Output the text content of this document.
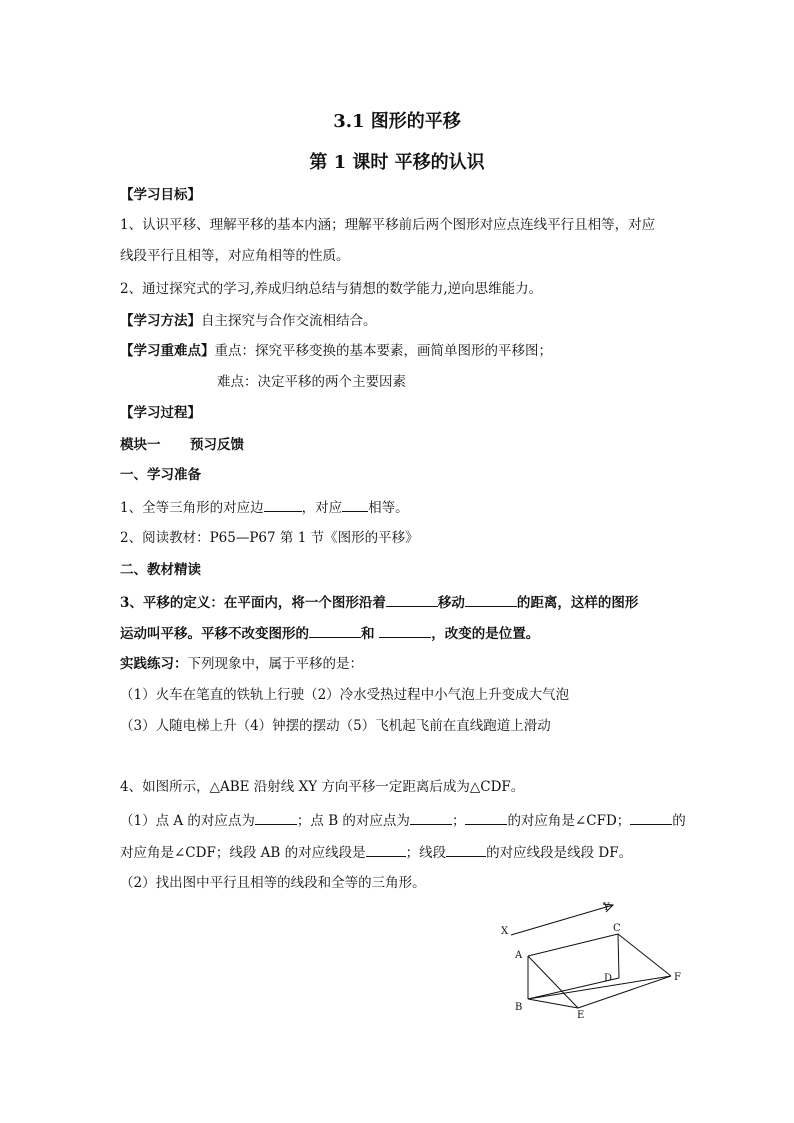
3.1 图形的平移
第 1 课时 平移的认识
【学习目标】
1、认识平移、理解平移的基本内涵；理解平移前后两个图形对应点连线平行且相等，对应
线段平行且相等，对应角相等的性质。
2、通过探究式的学习,养成归纳总结与猜想的数学能力,逆向思维能力。
【学习方法】自主探究与合作交流相结合。
【学习重难点】重点：探究平移变换的基本要素，画简单图形的平移图；
难点：决定平移的两个主要因素
【学习过程】
模块一 预习反馈
一、学习准备
1、全等三角形的对应边	，对应 相等。
2、阅读教材：P65—P67 第 1 节《图形的平移》
二、教材精读
3、平移的定义：在平面内，将一个图形沿着	移动	的距离，这样的图形
运动叫平移。平移不改变图形的	和	，改变的是位置。
实践练习：下列现象中，属于平移的是：
（1）火车在笔直的铁轨上行驶（2）冷水受热过程中小气泡上升变成大气泡
（3）人随电梯上升（4）钟摆的摆动（5）飞机起飞前在直线跑道上滑动
4、如图所示，△ABE 沿射线 XY 方向平移一定距离后成为△CDF。
（1）点 A 的对应点为	；点 B 的对应点为	；	的对应角是∠CFD；	的
对应角是∠CDF；线段 AB 的对应线段是	；线段	的对应线段是线段 DF。
（2）找出图中平行且相等的线段和全等的三角形。
X
Y
A
B
C
D
E
F
